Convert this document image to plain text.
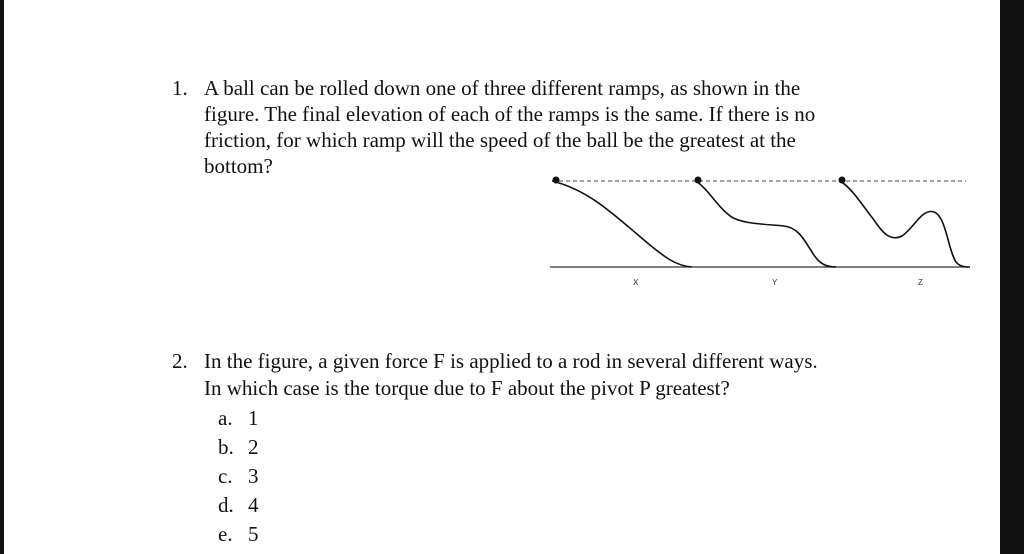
1. A ball can be rolled down one of three different ramps, as shown in the
figure. The final elevation of each of the ramps is the same. If there is no
friction, for which ramp will the speed of the ball be the greatest at the
bottom?
X	Y	Z
2. In the figure, a given force F is applied to a rod in several different ways.
In which case is the torque due to F about the pivot P greatest?
a. 1
b. 2
c. 3
d. 4
e. 5
